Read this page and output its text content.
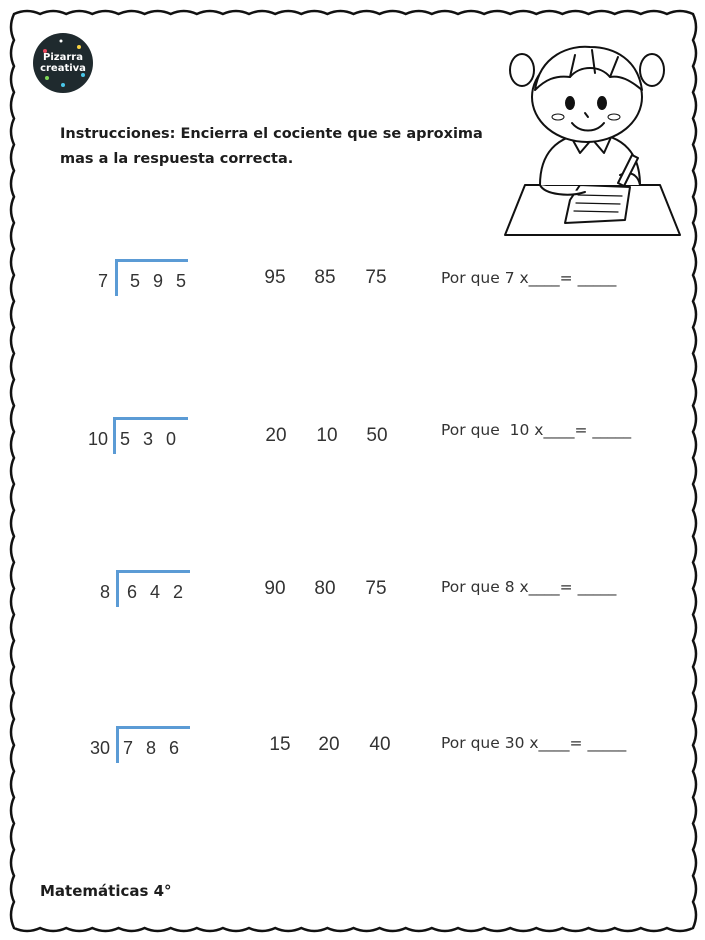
Pizarra
creativa
Instrucciones: Encierra el cociente que se aproxima
mas a la respuesta correcta.
7 5 9 5	95	85	75	Por que 7 x____= _____
10 5 3 0	20	10	50	Por que  10 x____= _____
8 6 4 2	90	80	75	Por que 8 x____= _____
30 7 8 6	15	20	40	Por que 30 x____= _____
Matemáticas 4°
